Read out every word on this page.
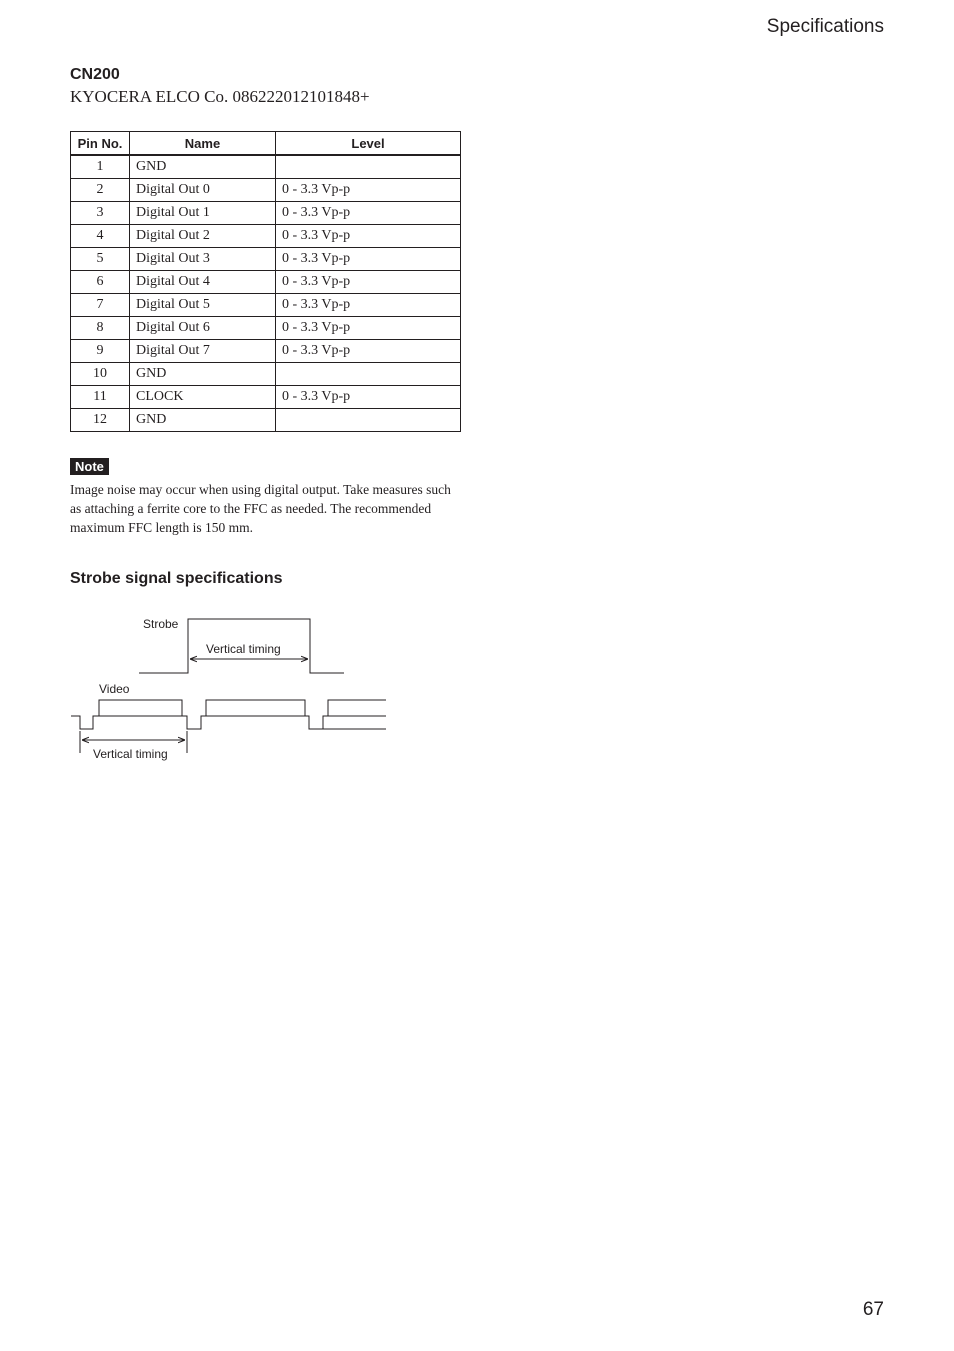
Specifications
CN200
KYOCERA ELCO Co. 086222012101848+
Pin No.	Name	Level
1	GND	
2	Digital Out 0	0 - 3.3 Vp-p
3	Digital Out 1	0 - 3.3 Vp-p
4	Digital Out 2	0 - 3.3 Vp-p
5	Digital Out 3	0 - 3.3 Vp-p
6	Digital Out 4	0 - 3.3 Vp-p
7	Digital Out 5	0 - 3.3 Vp-p
8	Digital Out 6	0 - 3.3 Vp-p
9	Digital Out 7	0 - 3.3 Vp-p
10	GND	
11	CLOCK	0 - 3.3 Vp-p
12	GND	
Note
Image noise may occur when using digital output. Take measures such as attaching a ferrite core to the FFC as needed. The recommended maximum FFC length is 150 mm.
Strobe signal specifications
Strobe
Vertical timing
Video
Vertical timing
67
